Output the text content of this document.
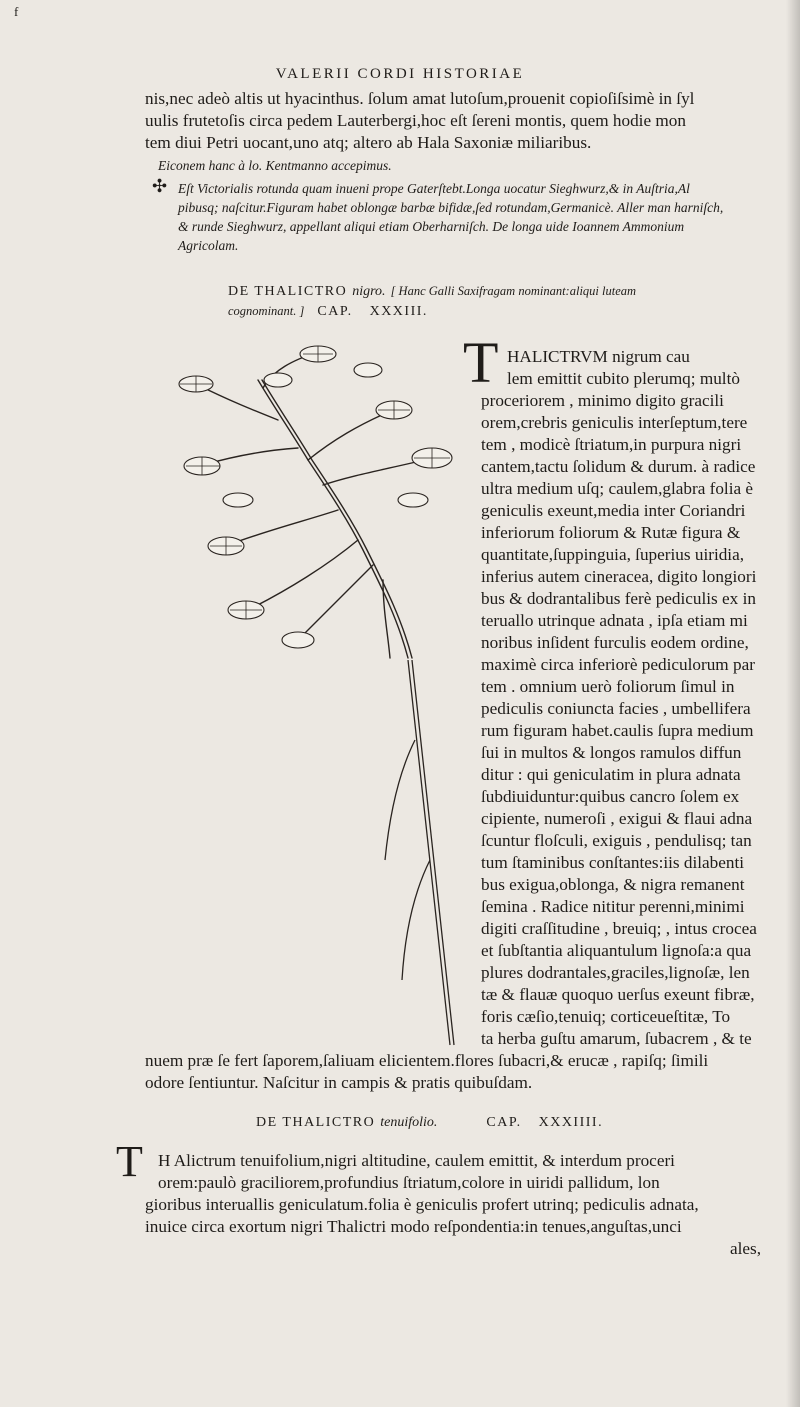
f
VALERII CORDI HISTORIAE
nis,nec adeò altis ut hyacinthus. ſolum amat lutoſum,prouenit copioſiſsimè in ſyl
uulis frutetoſis circa pedem Lauterbergi,hoc eſt ſereni montis, quem hodie mon
tem diui Petri uocant,uno atq; altero ab Hala Saxoniæ miliaribus.
Eiconem hanc à lo. Kentmanno accepimus.
✣ Eſt Victorialis rotunda quam inueni prope Gaterſtebt.Longa uocatur Sieghwurz,& in Auſtria,Al
pibusq; naſcitur.Figuram habet oblongæ barbæ bifidæ,ſed rotundam,Germanicè. Aller man harniſch,
& runde Sieghwurz, appellant aliqui etiam Oberharniſch. De longa uide Ioannem Ammonium
Agricolam.
DE THALICTRO nigro. [ Hanc Galli Saxifragam nominant:aliqui luteam
cognominant. ] CAP. XXXIII.
T HALICTRVM nigrum cau
lem emittit cubito plerumq; multò
proceriorem , minimo digito gracili
orem,crebris geniculis interſeptum,tere
tem , modicè ſtriatum,in purpura nigri
cantem,tactu ſolidum & durum. à radice
ultra medium uſq; caulem,glabra folia è
geniculis exeunt,media inter Coriandri
inferiorum foliorum & Rutæ figura &
quantitate,ſuppinguia, ſuperius uiridia,
inferius autem cineracea, digito longiori
bus & dodrantalibus ferè pediculis ex in
teruallo utrinque adnata , ipſa etiam mi
noribus inſident furculis eodem ordine,
maximè circa inferiorè pediculorum par
tem . omnium uerò foliorum ſimul in
pediculis coniuncta facies , umbellifera
rum figuram habet.caulis ſupra medium
ſui in multos & longos ramulos diffun
ditur : qui geniculatim in plura adnata
ſubdiuiduntur:quibus cancro ſolem ex
cipiente, numeroſi , exigui & flaui adna
ſcuntur floſculi, exiguis , pendulisq; tan
tum ſtaminibus conſtantes:iis dilabenti
bus exigua,oblonga, & nigra remanent
ſemina . Radice nititur perenni,minimi
digiti craſſitudine , breuiq; , intus crocea
et ſubſtantia aliquantulum lignoſa:a qua
plures dodrantales,graciles,lignoſæ, len
tæ & flauæ quoquo uerſus exeunt fibræ,
foris cæſio,tenuiq; corticeueſtitæ, To
ta herba guſtu amarum, ſubacrem , & te
nuem præ ſe fert ſaporem,ſaliuam elicientem.flores ſubacri,& erucæ , rapiſq; ſimili
odore ſentiuntur. Naſcitur in campis & pratis quibuſdam.
DE THALICTRO tenuifolio.	CAP. XXXIIII.
T H Alictrum tenuifolium,nigri altitudine, caulem emittit, & interdum proceri
orem:paulò graciliorem,profundius ſtriatum,colore in uiridi pallidum, lon
gioribus interuallis geniculatum.folia è geniculis profert utrinq; pediculis adnata,
inuice circa exortum nigri Thalictri modo reſpondentia:in tenues,anguſtas,unci
ales,
